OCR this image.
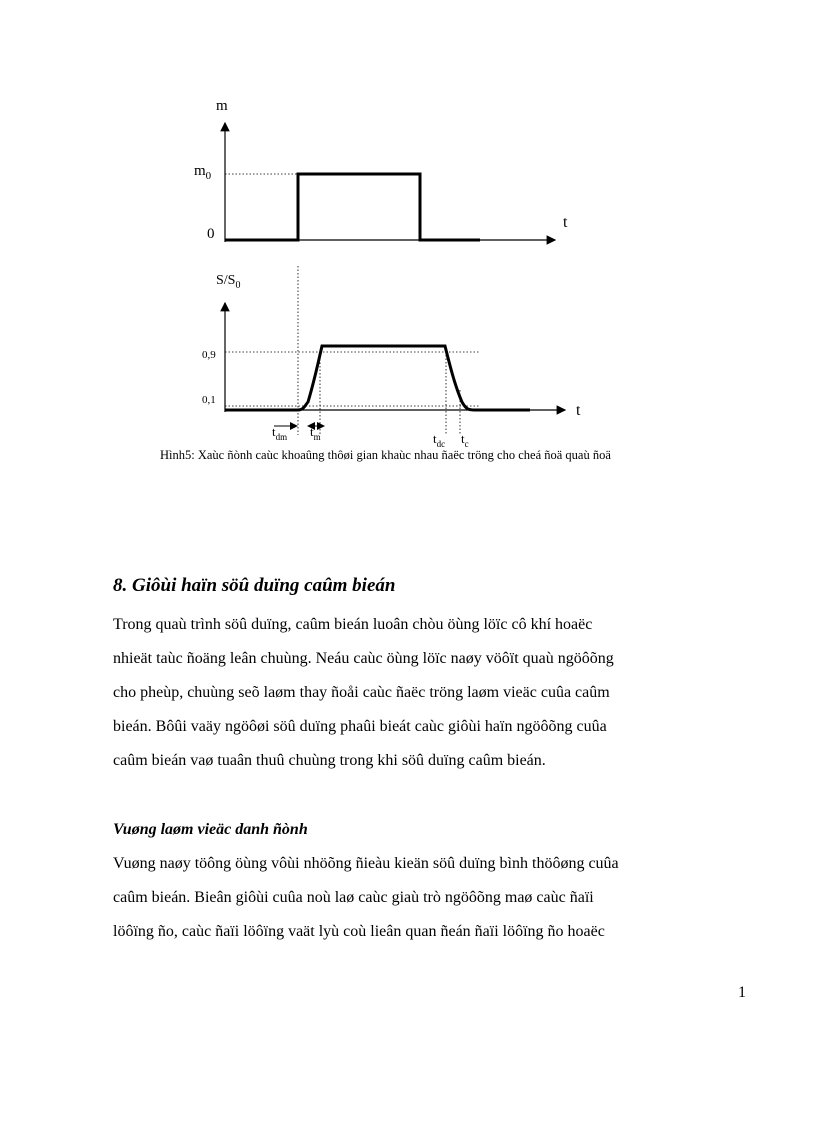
m
$m_0$
0
t
$S/S_0$
0,9
0,1
t
$t_{dm}$ $t_m$	$t_{dc}$ $t_c$
Hình5: Xaùc ñònh caùc khoaûng thôøi gian khaùc nhau ñaëc tröng cho cheá ñoä quaù ñoä
8. Giôùi haïn söû duïng caûm bieán
Trong quaù trình söû duïng, caûm bieán luoân chòu öùng löïc cô khí hoaëc
nhieät taùc ñoäng leân chuùng. Neáu caùc öùng löïc naøy vöôït quaù ngöôõng
cho pheùp, chuùng seõ laøm thay ñoåi caùc ñaëc tröng laøm vieäc cuûa caûm
bieán. Bôûi vaäy ngöôøi söû duïng phaûi bieát caùc giôùi haïn ngöôõng cuûa
caûm bieán vaø tuaân thuû chuùng trong khi söû duïng caûm bieán.
Vuøng laøm vieäc danh ñònh
Vuøng naøy töông öùng vôùi nhöõng ñieàu kieän söû duïng bình thöôøng cuûa
caûm bieán. Bieân giôùi cuûa noù laø caùc giaù trò ngöôõng maø caùc ñaïi
löôïng ño, caùc ñaïi löôïng vaät lyù coù lieân quan ñeán ñaïi löôïng ño hoaëc
1
